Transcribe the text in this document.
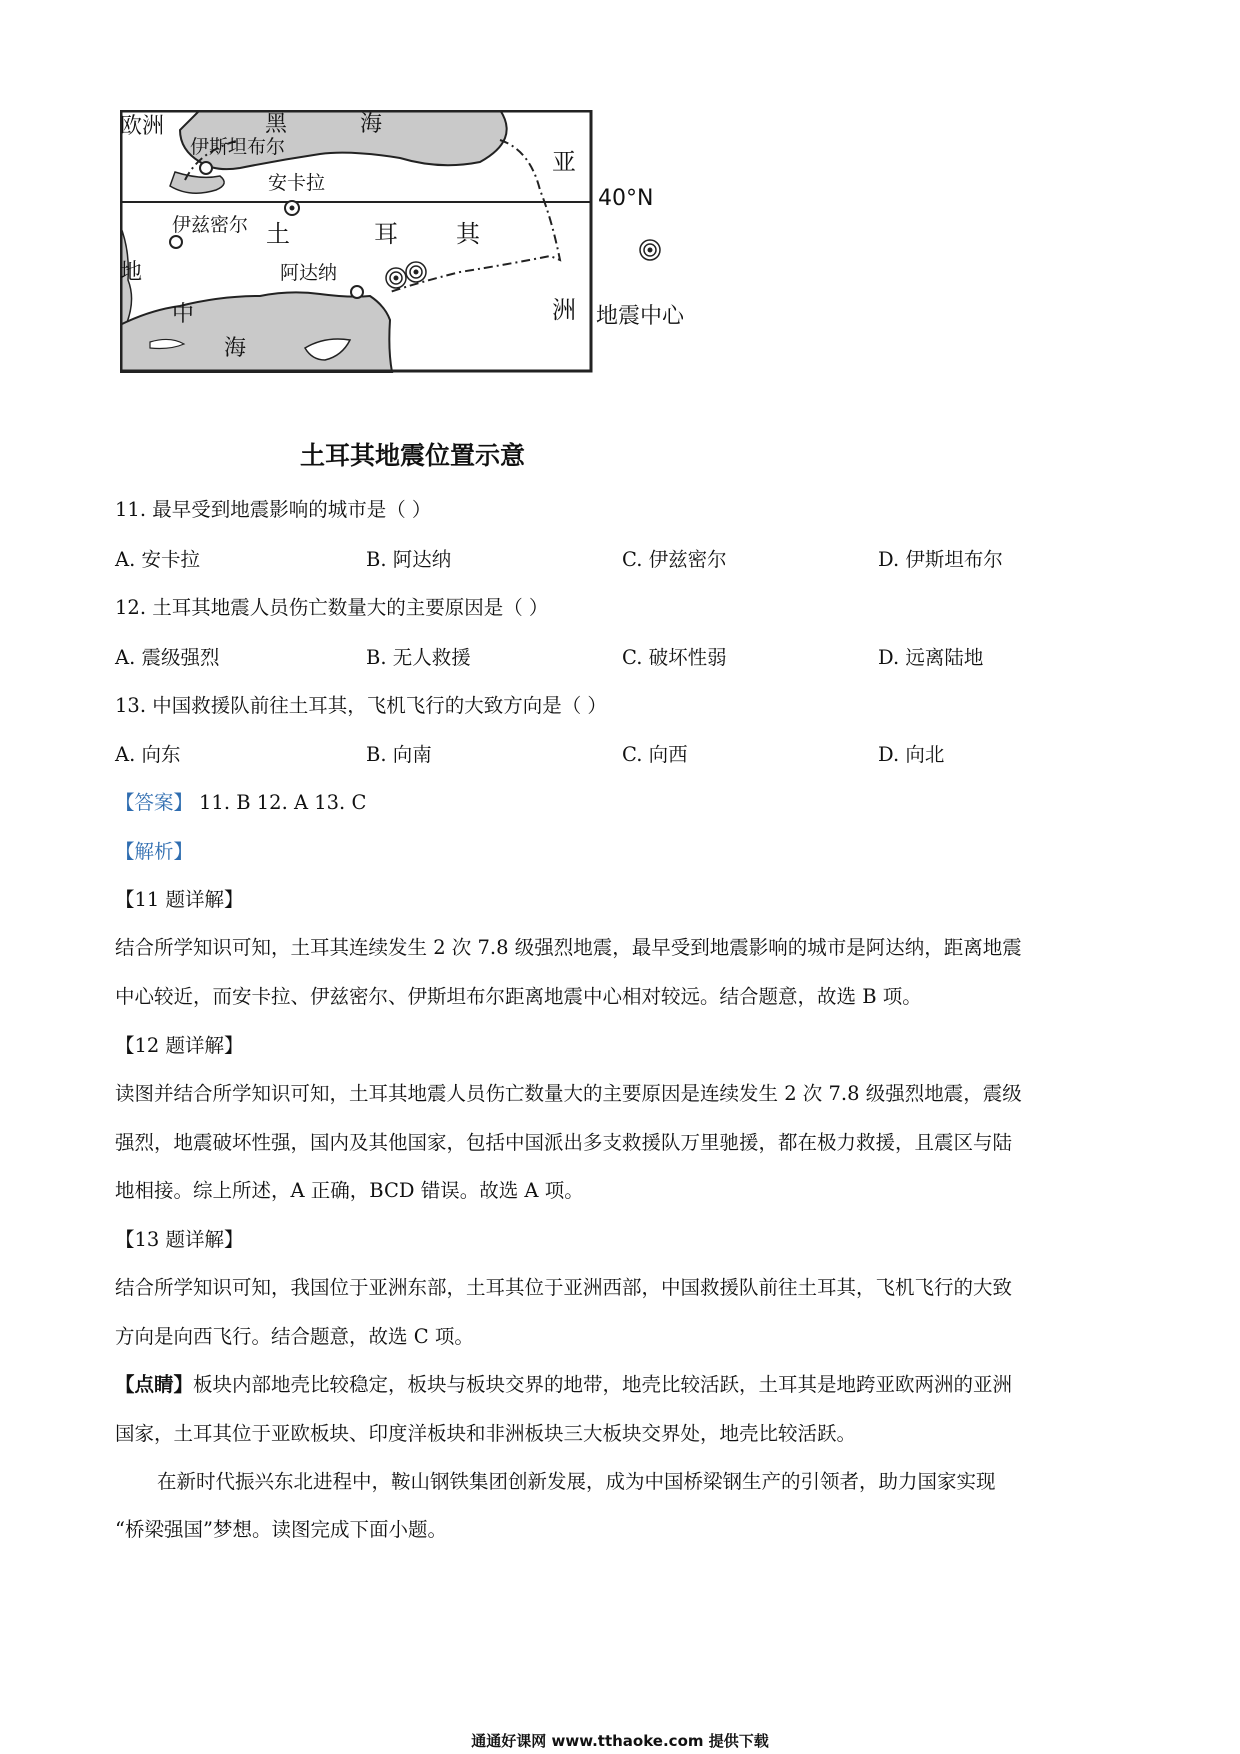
欧洲	黑	海
亚
伊斯坦布尔
安卡拉
40°N
伊兹密尔 土	耳 其
地
中
海
阿达纳
洲 地震中心
土耳其地震位置示意
11. 最早受到地震影响的城市是（ ）
A. 安卡拉	B. 阿达纳	C. 伊兹密尔	D. 伊斯坦布尔
12. 土耳其地震人员伤亡数量大的主要原因是（ ）
A. 震级强烈	B. 无人救援	C. 破坏性弱	D. 远离陆地
13. 中国救援队前往土耳其，飞机飞行的大致方向是（ ）
A. 向东	B. 向南	C. 向西	D. 向北
【答案】 11. B 12. A 13. C
【解析】
【11 题详解】
结合所学知识可知，土耳其连续发生 2 次 7.8 级强烈地震，最早受到地震影响的城市是阿达纳，距离地震
中心较近，而安卡拉、伊兹密尔、伊斯坦布尔距离地震中心相对较远。结合题意，故选 B 项。
【12 题详解】
读图并结合所学知识可知，土耳其地震人员伤亡数量大的主要原因是连续发生 2 次 7.8 级强烈地震，震级
强烈，地震破坏性强，国内及其他国家，包括中国派出多支救援队万里驰援，都在极力救援，且震区与陆
地相接。综上所述，A 正确，BCD 错误。故选 A 项。
【13 题详解】
结合所学知识可知，我国位于亚洲东部，土耳其位于亚洲西部，中国救援队前往土耳其，飞机飞行的大致
方向是向西飞行。结合题意，故选 C 项。
【点睛】板块内部地壳比较稳定，板块与板块交界的地带，地壳比较活跃，土耳其是地跨亚欧两洲的亚洲
国家，土耳其位于亚欧板块、印度洋板块和非洲板块三大板块交界处，地壳比较活跃。
在新时代振兴东北进程中，鞍山钢铁集团创新发展，成为中国桥梁钢生产的引领者，助力国家实现
“桥梁强国”梦想。读图完成下面小题。
通通好课网 www.tthaoke.com 提供下载
